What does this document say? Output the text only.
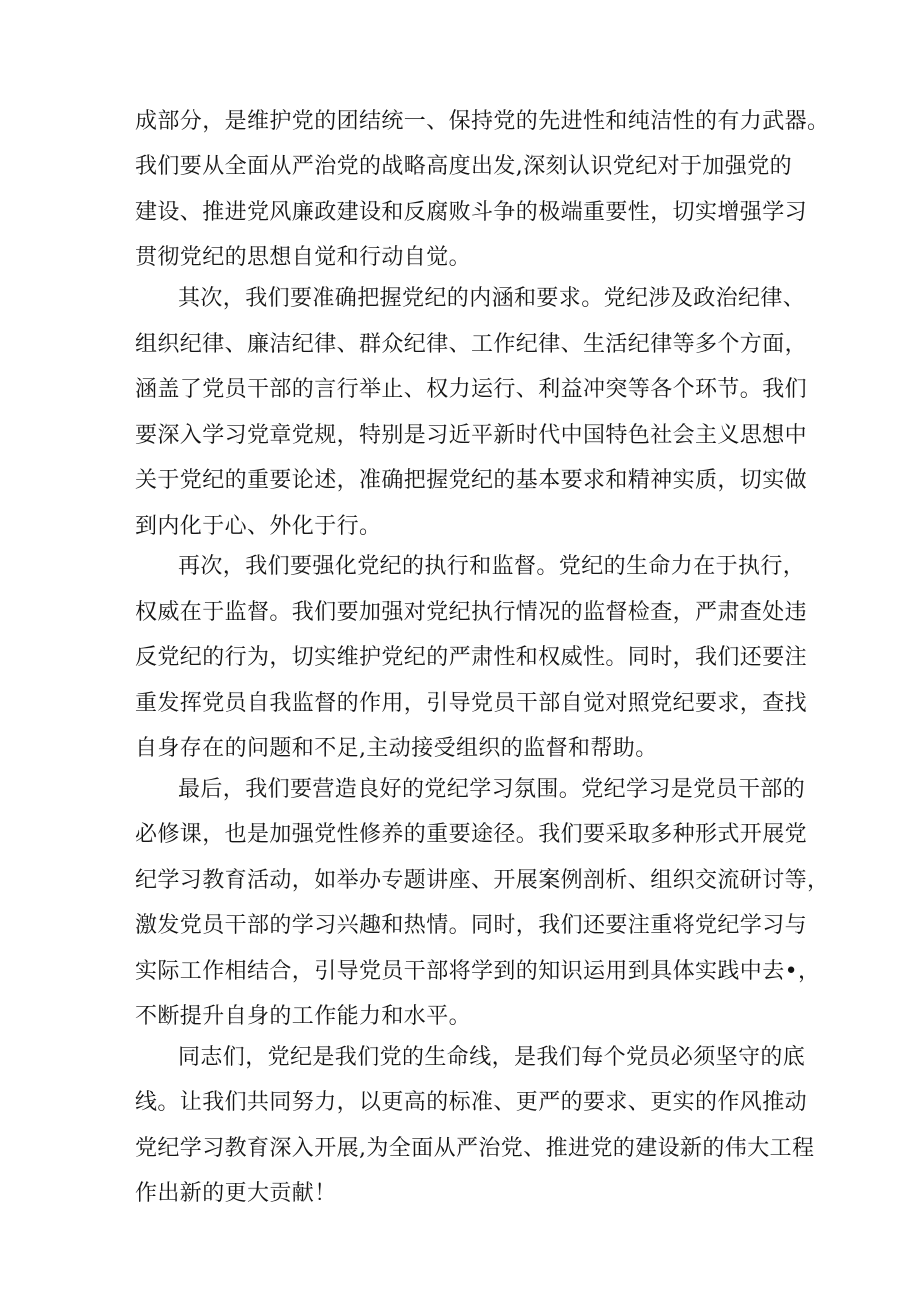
成部分，是维护党的团结统一、保持党的先进性和纯洁性的有力武器。
我们要从全面从严治党的战略高度出发,深刻认识党纪对于加强党的
建设、推进党风廉政建设和反腐败斗争的极端重要性，切实增强学习
贯彻党纪的思想自觉和行动自觉。
其次，我们要准确把握党纪的内涵和要求。党纪涉及政治纪律、
组织纪律、廉洁纪律、群众纪律、工作纪律、生活纪律等多个方面，
涵盖了党员干部的言行举止、权力运行、利益冲突等各个环节。我们
要深入学习党章党规，特别是习近平新时代中国特色社会主义思想中
关于党纪的重要论述，准确把握党纪的基本要求和精神实质，切实做
到内化于心、外化于行。
再次，我们要强化党纪的执行和监督。党纪的生命力在于执行，
权威在于监督。我们要加强对党纪执行情况的监督检查，严肃查处违
反党纪的行为，切实维护党纪的严肃性和权威性。同时，我们还要注
重发挥党员自我监督的作用，引导党员干部自觉对照党纪要求，查找
自身存在的问题和不足,主动接受组织的监督和帮助。
最后，我们要营造良好的党纪学习氛围。党纪学习是党员干部的
必修课，也是加强党性修养的重要途径。我们要采取多种形式开展党
纪学习教育活动，如举办专题讲座、开展案例剖析、组织交流研讨等，
激发党员干部的学习兴趣和热情。同时，我们还要注重将党纪学习与
实际工作相结合，引导党员干部将学到的知识运用到具体实践中去•，
不断提升自身的工作能力和水平。
同志们，党纪是我们党的生命线，是我们每个党员必须坚守的底
线。让我们共同努力，以更高的标准、更严的要求、更实的作风推动
党纪学习教育深入开展,为全面从严治党、推进党的建设新的伟大工程
作出新的更大贡献！
